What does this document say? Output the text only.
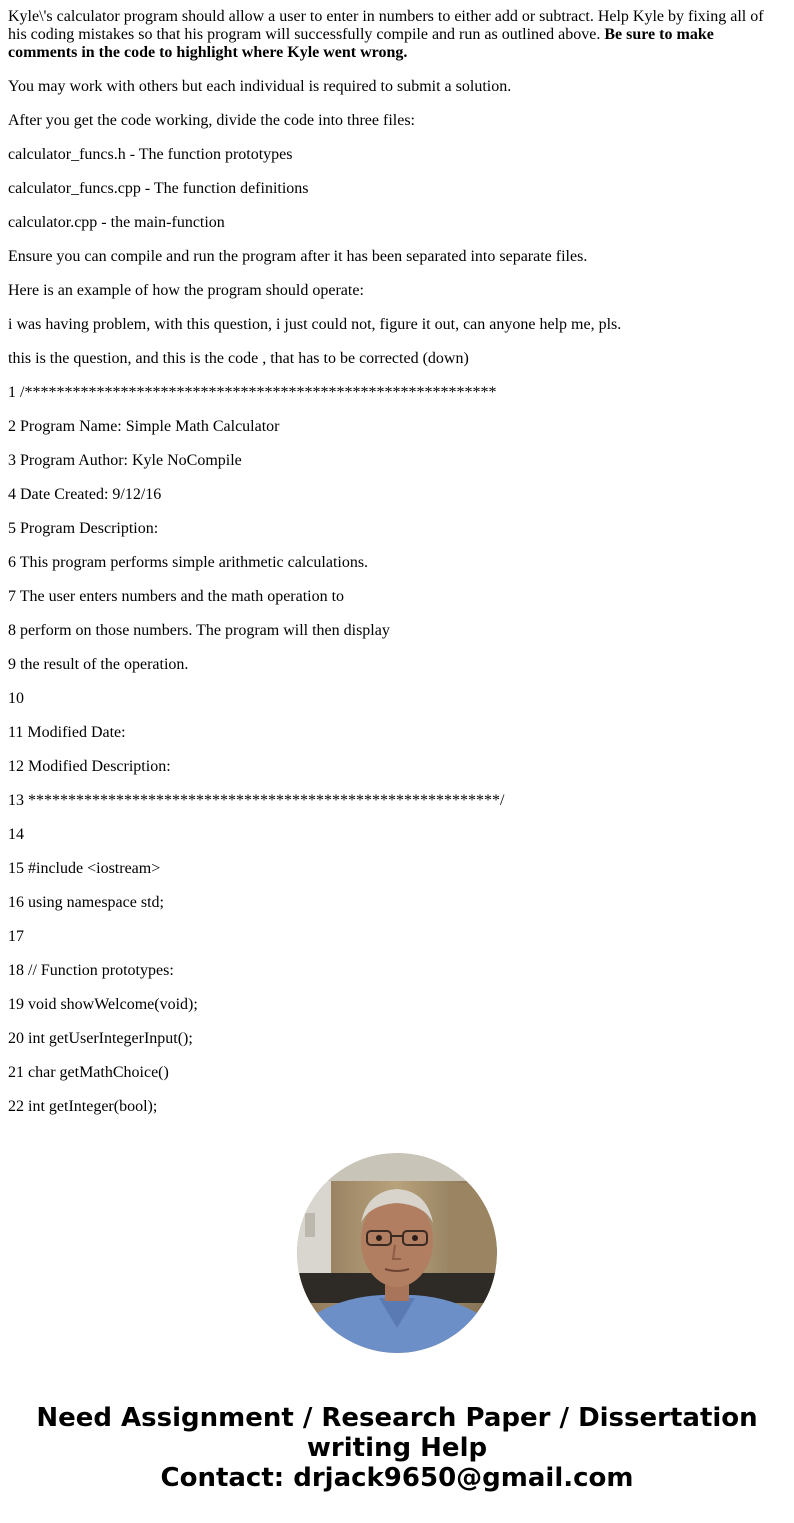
Kyle\'s calculator program should allow a user to enter in numbers to either add or subtract. Help Kyle by fixing all of his coding mistakes so that his program will successfully compile and run as outlined above. Be sure to make comments in the code to highlight where Kyle went wrong.

You may work with others but each individual is required to submit a solution.

After you get the code working, divide the code into three files:

calculator_funcs.h - The function prototypes

calculator_funcs.cpp - The function definitions

calculator.cpp - the main-function

Ensure you can compile and run the program after it has been separated into separate files.

Here is an example of how the program should operate:

i was having problem, with this question, i just could not, figure it out, can anyone help me, pls.

this is the question, and this is the code , that has to be corrected (down)

1 /***********************************************************

2 Program Name: Simple Math Calculator

3 Program Author: Kyle NoCompile

4 Date Created: 9/12/16

5 Program Description:

6 This program performs simple arithmetic calculations.

7 The user enters numbers and the math operation to

8 perform on those numbers. The program will then display

9 the result of the operation.

10

11 Modified Date:

12 Modified Description:

13 ***********************************************************/

14

15 #include <iostream>

16 using namespace std;

17

18 // Function prototypes:

19 void showWelcome(void);

20 int getUserIntegerInput();

21 char getMathChoice()

22 int getInteger(bool);

Need Assignment / Research Paper / Dissertation
writing Help
Contact: drjack9650@gmail.com
